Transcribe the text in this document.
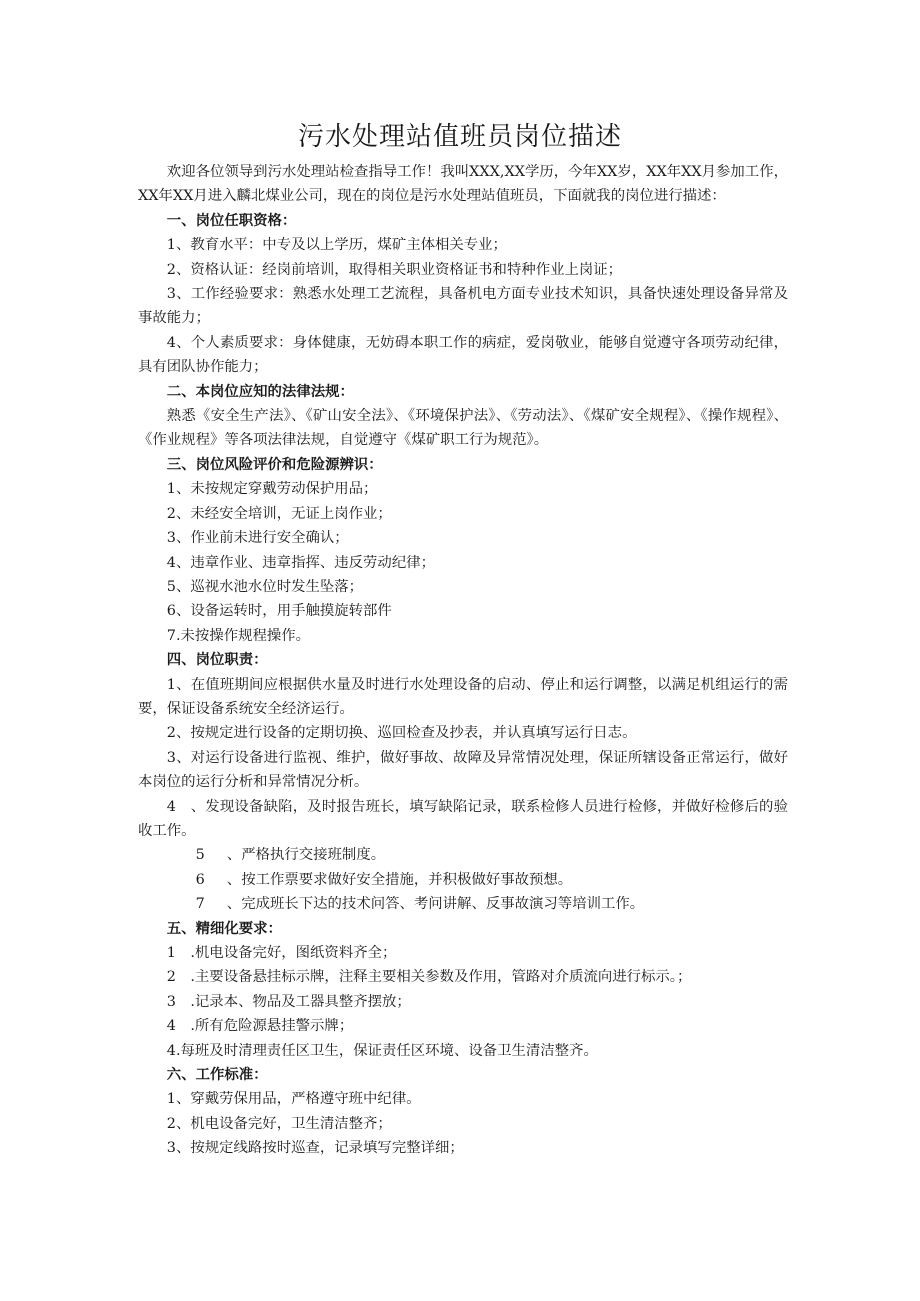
污水处理站值班员岗位描述

欢迎各位领导到污水处理站检查指导工作！我叫XXX,XX学历，今年XX岁，XX年XX月参加工作，XX年XX月进入麟北煤业公司，现在的岗位是污水处理站值班员，下面就我的岗位进行描述：

一、岗位任职资格：

1、教育水平：中专及以上学历，煤矿主体相关专业；

2、资格认证：经岗前培训，取得相关职业资格证书和特种作业上岗证；

3、工作经验要求：熟悉水处理工艺流程，具备机电方面专业技术知识，具备快速处理设备异常及事故能力；

4、个人素质要求：身体健康，无妨碍本职工作的病症，爱岗敬业，能够自觉遵守各项劳动纪律，具有团队协作能力；

二、本岗位应知的法律法规：

熟悉《安全生产法》、《矿山安全法》、《环境保护法》、《劳动法》、《煤矿安全规程》、《操作规程》、《作业规程》等各项法律法规，自觉遵守《煤矿职工行为规范》。

三、岗位风险评价和危险源辨识：

1、未按规定穿戴劳动保护用品；

2、未经安全培训，无证上岗作业；

3、作业前未进行安全确认；

4、违章作业、违章指挥、违反劳动纪律；

5、巡视水池水位时发生坠落；

6、设备运转时，用手触摸旋转部件

7.未按操作规程操作。

四、岗位职责：

1、在值班期间应根据供水量及时进行水处理设备的启动、停止和运行调整，以满足机组运行的需要，保证设备系统安全经济运行。

2、按规定进行设备的定期切换、巡回检查及抄表，并认真填写运行日志。

3、对运行设备进行监视、维护，做好事故、故障及异常情况处理，保证所辖设备正常运行，做好本岗位的运行分析和异常情况分析。

4　、发现设备缺陷，及时报告班长，填写缺陷记录，联系检修人员进行检修，并做好检修后的验收工作。

5 、严格执行交接班制度。

6 、按工作票要求做好安全措施，并积极做好事故预想。

7 、完成班长下达的技术问答、考问讲解、反事故演习等培训工作。

五、精细化要求：

1　.机电设备完好，图纸资料齐全；

2　.主要设备悬挂标示牌，注释主要相关参数及作用，管路对介质流向进行标示。；

3　.记录本、物品及工器具整齐摆放；

4　.所有危险源悬挂警示牌；

4.每班及时清理责任区卫生，保证责任区环境、设备卫生清洁整齐。

六、工作标准：

1、穿戴劳保用品，严格遵守班中纪律。

2、机电设备完好，卫生清洁整齐；

3、按规定线路按时巡查，记录填写完整详细；
